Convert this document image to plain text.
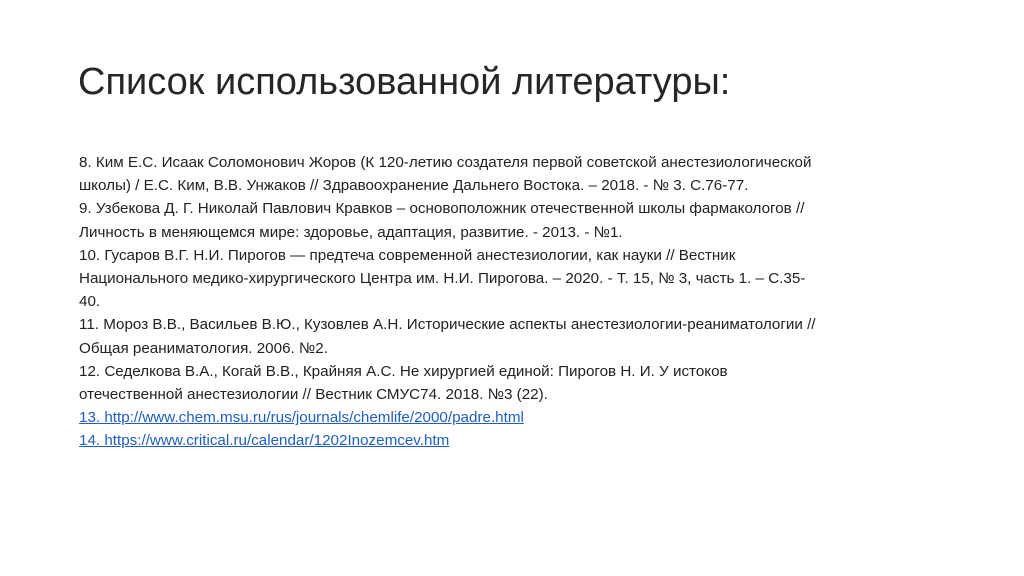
Список использованной литературы:
8. Ким Е.С. Исаак Соломонович Жоров (К 120-летию создателя первой советской анестезиологической
школы) / Е.С. Ким, В.В. Унжаков // Здравоохранение Дальнего Востока. – 2018. - № 3. С.76-77.
9. Узбекова Д. Г. Николай Павлович Кравков – основоположник отечественной школы фармакологов //
Личность в меняющемся мире: здоровье, адаптация, развитие. - 2013. - №1.
10. Гусаров В.Г. Н.И. Пирогов — предтеча современной анестезиологии, как науки // Вестник
Национального медико-хирургического Центра им. Н.И. Пирогова. – 2020. - Т. 15, № 3, часть 1. – С.35-
40.
11. Мороз В.В., Васильев В.Ю., Кузовлев А.Н. Исторические аспекты анестезиологии-реаниматологии //
Общая реаниматология. 2006. №2.
12. Седелкова В.А., Когай В.В., Крайняя А.С. Не хирургией единой: Пирогов Н. И. У истоков
отечественной анестезиологии // Вестник СМУС74. 2018. №3 (22).
13. http://www.chem.msu.ru/rus/journals/chemlife/2000/padre.html
14. https://www.critical.ru/calendar/1202Inozemcev.htm
